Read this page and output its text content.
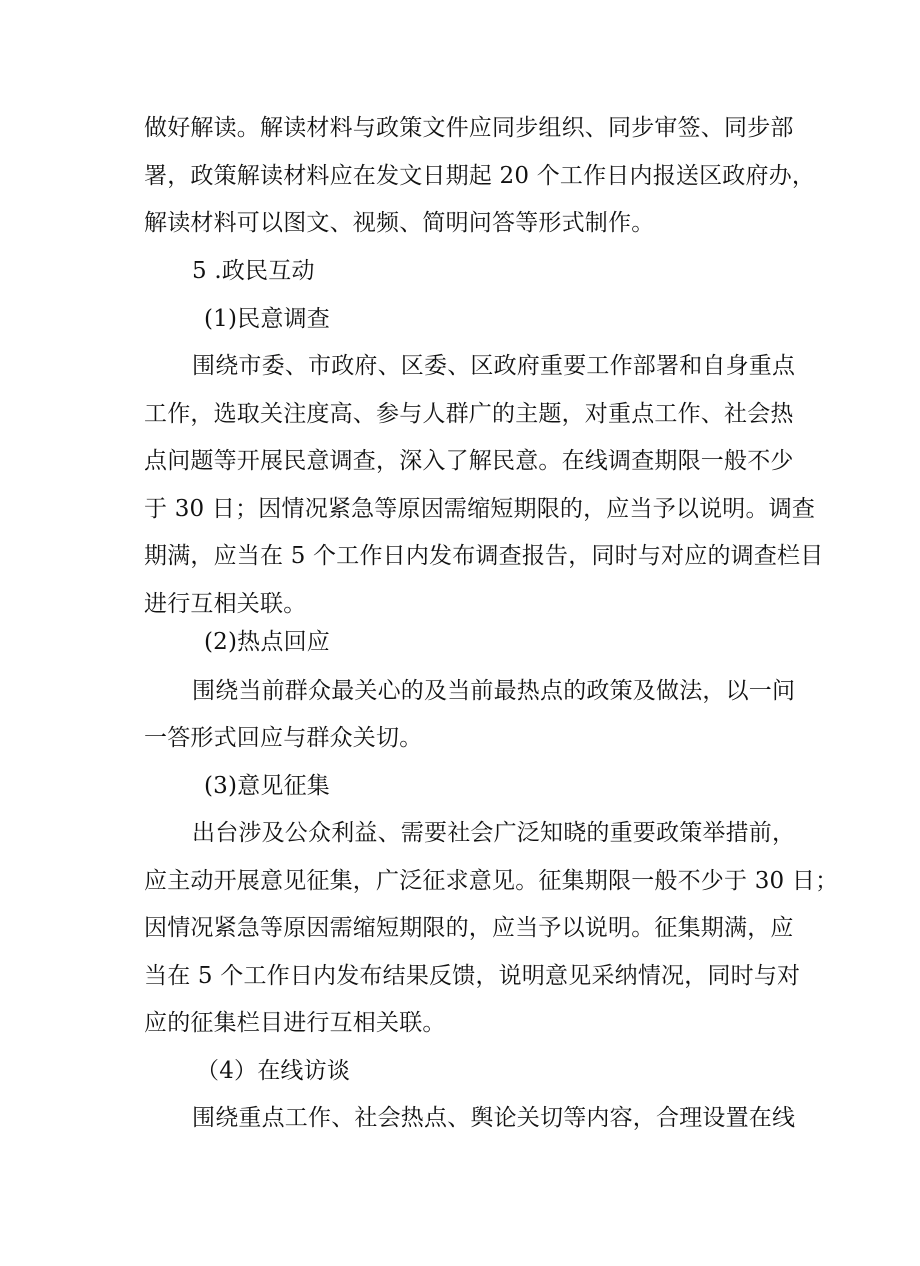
做好解读。解读材料与政策文件应同步组织、同步审签、同步部
署，政策解读材料应在发文日期起 20 个工作日内报送区政府办，
解读材料可以图文、视频、简明问答等形式制作。
5 .政民互动
(1)民意调查
围绕市委、市政府、区委、区政府重要工作部署和自身重点
工作，选取关注度高、参与人群广的主题，对重点工作、社会热
点问题等开展民意调查，深入了解民意。在线调查期限一般不少
于 30 日；因情况紧急等原因需缩短期限的，应当予以说明。调查
期满，应当在 5 个工作日内发布调查报告，同时与对应的调查栏目
进行互相关联。
(2)热点回应
围绕当前群众最关心的及当前最热点的政策及做法，以一问
一答形式回应与群众关切。
(3)意见征集
出台涉及公众利益、需要社会广泛知晓的重要政策举措前，
应主动开展意见征集，广泛征求意见。征集期限一般不少于 30 日；
因情况紧急等原因需缩短期限的，应当予以说明。征集期满，应
当在 5 个工作日内发布结果反馈，说明意见采纳情况，同时与对
应的征集栏目进行互相关联。
（4）在线访谈
围绕重点工作、社会热点、舆论关切等内容，合理设置在线
